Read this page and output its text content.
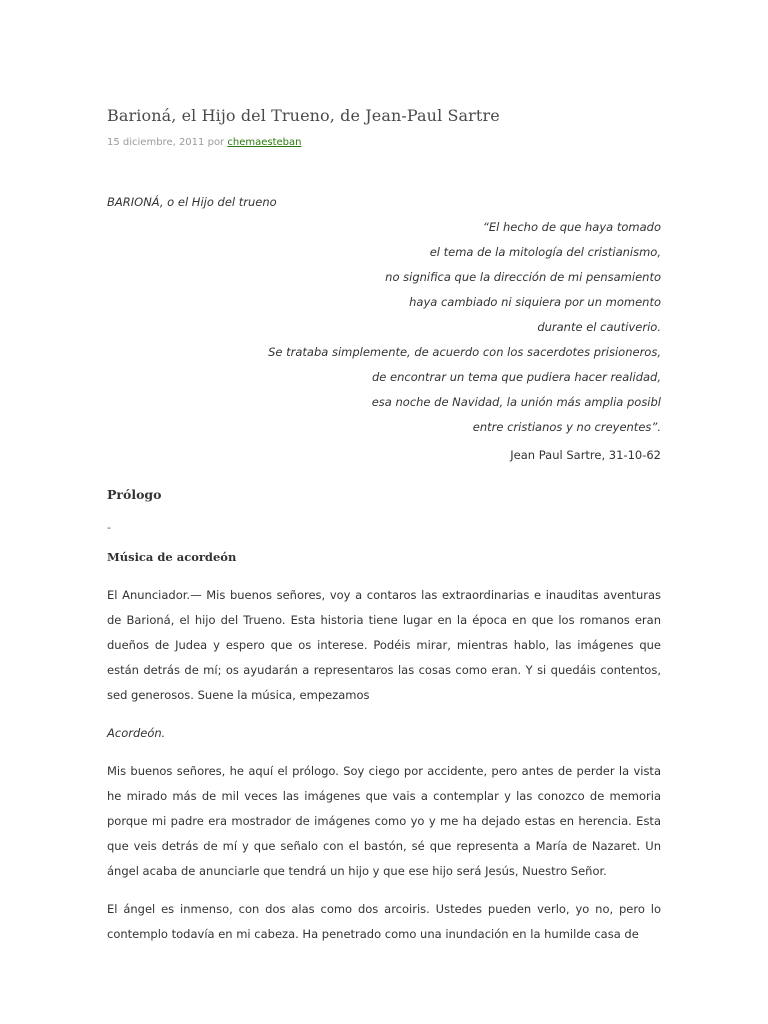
Barioná, el Hijo del Trueno, de Jean-Paul Sartre
15 diciembre, 2011 por chemaesteban
BARIONÁ, o el Hijo del trueno
“El hecho de que haya tomado
el tema de la mitología del cristianismo,
no significa que la dirección de mi pensamiento
haya cambiado ni siquiera por un momento
durante el cautiverio.
Se trataba simplemente, de acuerdo con los sacerdotes prisioneros,
de encontrar un tema que pudiera hacer realidad,
esa noche de Navidad, la unión más amplia posibl
entre cristianos y no creyentes”.
Jean Paul Sartre, 31-10-62
Prólogo
-
Música de acordeón

El Anunciador.— Mis buenos señores, voy a contaros las extraordinarias e inauditas aventuras de Barioná, el hijo del Trueno. Esta historia tiene lugar en la época en que los romanos eran dueños de Judea y espero que os interese. Podéis mirar, mientras hablo, las imágenes que están detrás de mí; os ayudarán a representaros las cosas como eran. Y si quedáis contentos, sed generosos. Suene la música, empezamos

Acordeón.

Mis buenos señores, he aquí el prólogo. Soy ciego por accidente, pero antes de perder la vista he mirado más de mil veces las imágenes que vais a contemplar y las conozco de memoria porque mi padre era mostrador de imágenes como yo y me ha dejado estas en herencia. Esta que veis detrás de mí y que señalo con el bastón, sé que representa a María de Nazaret. Un ángel acaba de anunciarle que tendrá un hijo y que ese hijo será Jesús, Nuestro Señor.

El ángel es inmenso, con dos alas como dos arcoiris. Ustedes pueden verlo, yo no, pero lo contemplo todavía en mi cabeza. Ha penetrado como una inundación en la humilde casa de
